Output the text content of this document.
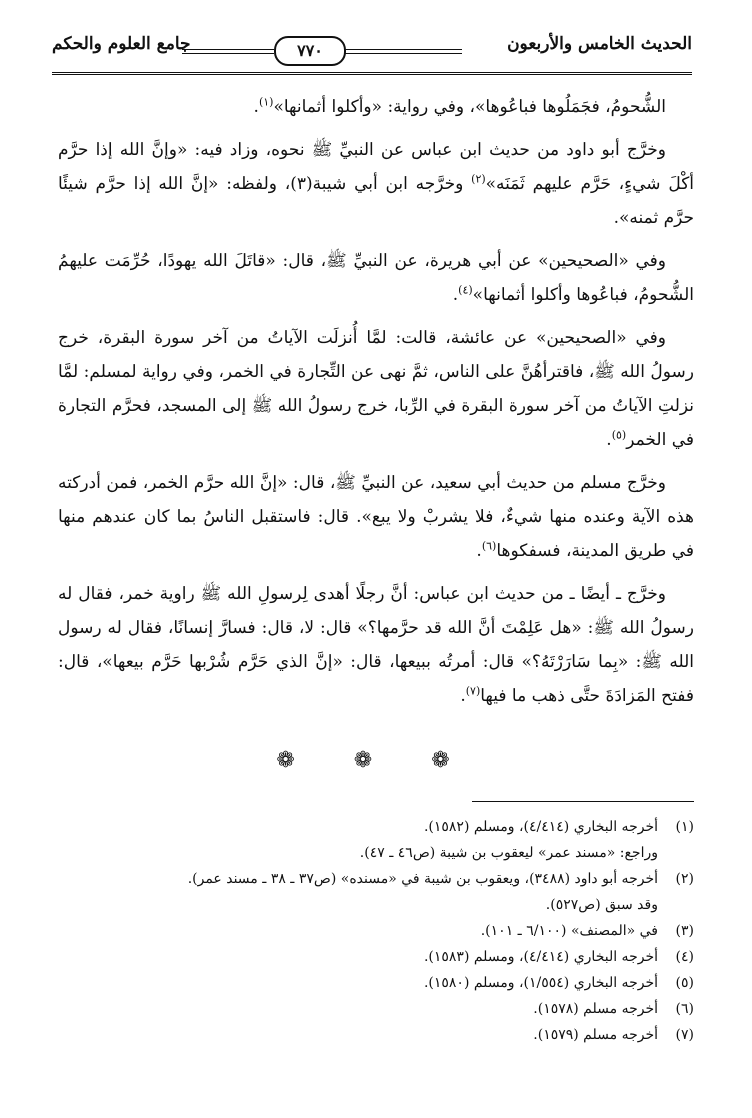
الحديث الخامس والأربعون
٧٧٠
جامع العلوم والحكم

الشُّحومُ، فجَمَلُوها فباعُوها»، وفي رواية: «وأكلوا أثمانها»$^{(١)}$.

وخرَّج أبو داود من حديث ابن عباس عن النبيِّ ﷺ نحوه، وزاد فيه: «وإنَّ الله إذا حرَّم أكْلَ شيءٍ، حَرَّم عليهم ثَمَنَه»$^{(٢)}$ وخرَّجه ابن أبي شيبة(٣)، ولفظه: «إنَّ الله إذا حرَّم شيئًا حرَّم ثمنه».

وفي «الصحيحين» عن أبي هريرة، عن النبيِّ ﷺ، قال: «قاتَلَ الله يهودًا، حُرِّمَت عليهمُ الشُّحومُ، فباعُوها وأكلوا أثمانها»$^{(٤)}$.

وفي «الصحيحين» عن عائشة، قالت: لمَّا أُنزلَت الآياتُ من آخر سورة البقرة، خرج رسولُ الله ﷺ، فاقترأهُنَّ على الناس، ثمَّ نهى عن التِّجارة في الخمر، وفي رواية لمسلم: لمَّا نزلتِ الآياتُ من آخر سورة البقرة في الرِّبا، خرج رسولُ الله ﷺ إلى المسجد، فحرَّم التجارة في الخمر$^{(٥)}$.

وخرَّج مسلم من حديث أبي سعيد، عن النبيِّ ﷺ، قال: «إنَّ الله حرَّم الخمر، فمن أدركته هذه الآية وعنده منها شيءٌ، فلا يشربْ ولا يبع». قال: فاستقبل الناسُ بما كان عندهم منها في طريق المدينة، فسفكوها$^{(٦)}$.

وخرَّج ـ أيضًا ـ من حديث ابن عباس: أنَّ رجلًا أهدى لِرسولِ الله ﷺ راوية خمر، فقال له رسولُ الله ﷺ: «هل عَلِمْتَ أنَّ الله قد حرَّمها؟» قال: لا، قال: فسارَّ إنسانًا، فقال له رسول الله ﷺ: «بِما سَارَرْتَهُ؟» قال: أمرتُه ببيعها، قال: «إنَّ الذي حَرَّم شُرْبها حَرَّم بيعها»، قال: ففتح المَزادَةَ حتَّى ذهب ما فيها$^{(٧)}$.

❁ ❁ ❁
(١)
أخرجه البخاري (٤/٤١٤)، ومسلم (١٥٨٢).
وراجع: «مسند عمر» ليعقوب بن شيبة (ص٤٦ ـ ٤٧).
(٢)
أخرجه أبو داود (٣٤٨٨)، ويعقوب بن شيبة في «مسنده» (ص٣٧ ـ ٣٨ ـ مسند عمر).
وقد سبق (ص٥٢٧).
(٣)
في «المصنف» (٦/١٠٠ ـ ١٠١).
(٤)
أخرجه البخاري (٤/٤١٤)، ومسلم (١٥٨٣).
(٥)
أخرجه البخاري (١/٥٥٤)، ومسلم (١٥٨٠).
(٦)
أخرجه مسلم (١٥٧٨).
(٧)
أخرجه مسلم (١٥٧٩).
